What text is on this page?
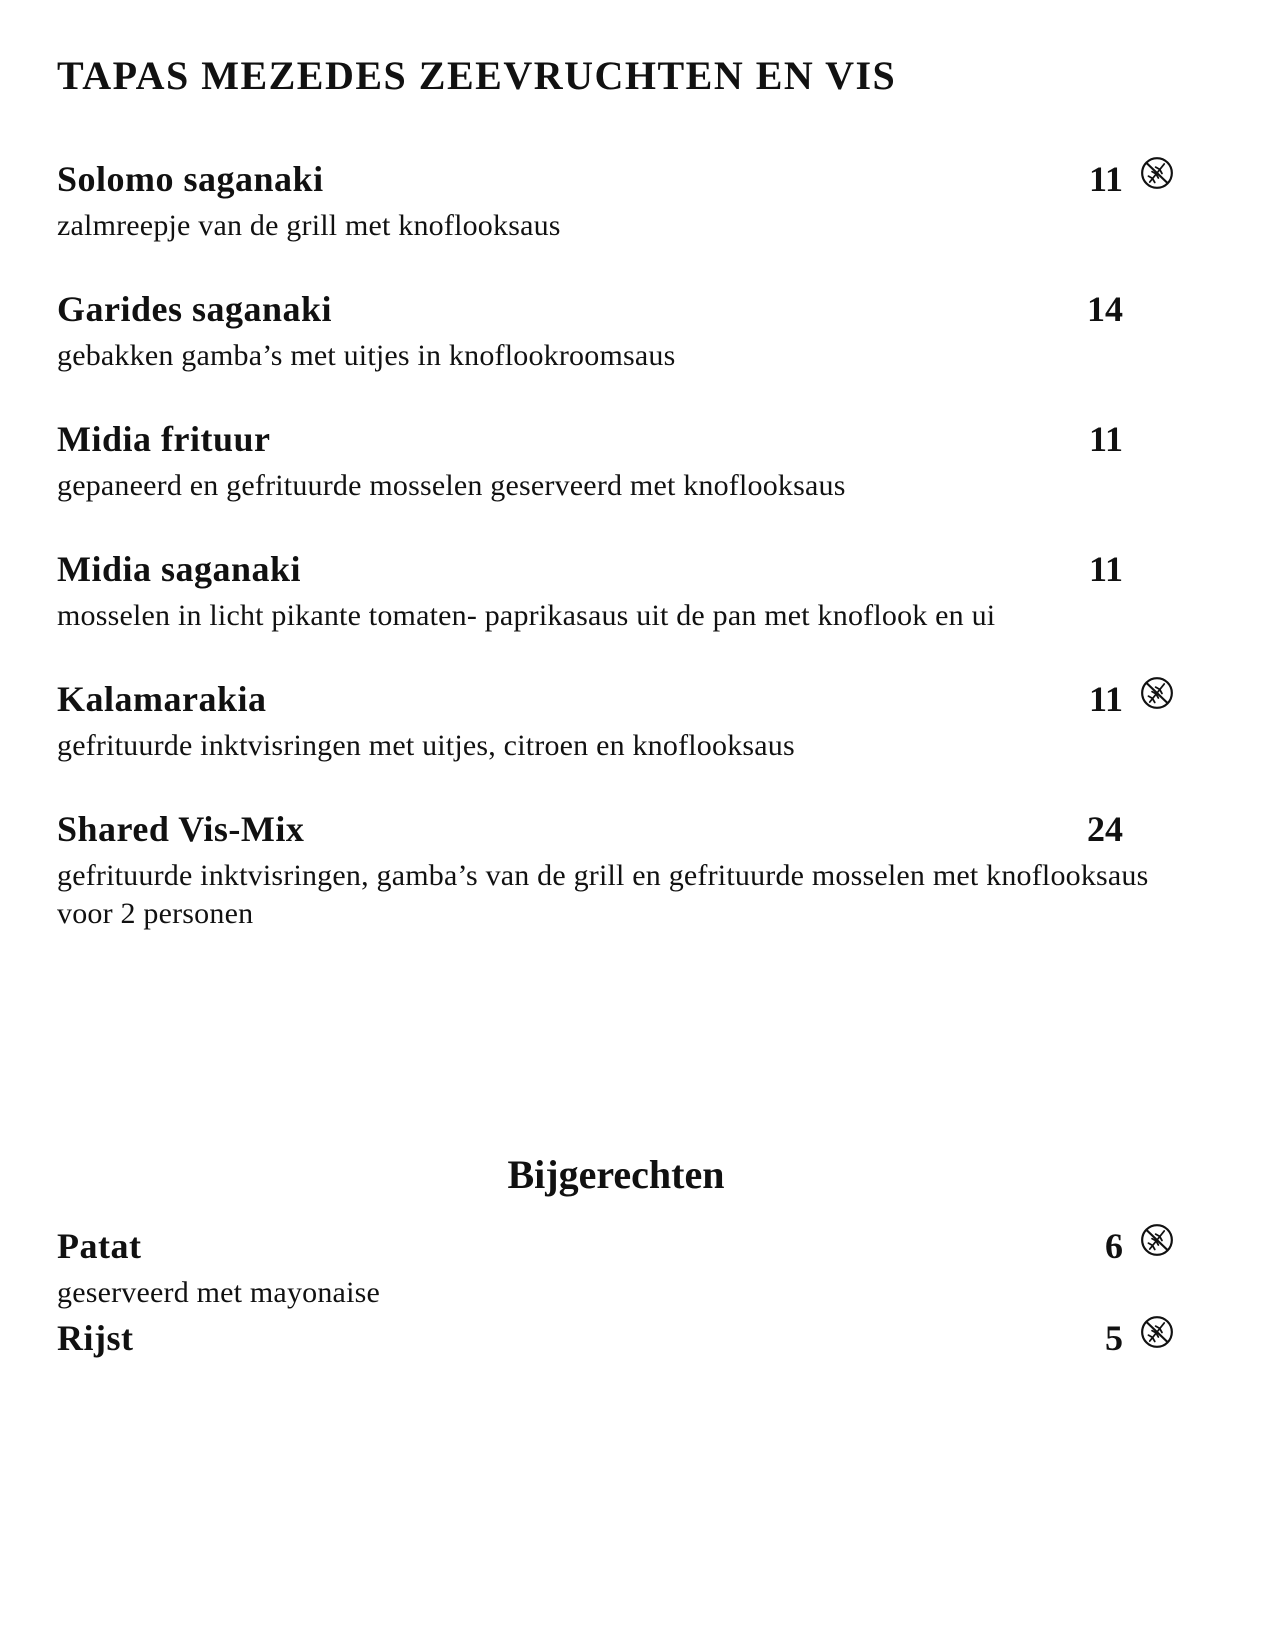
TAPAS MEZEDES ZEEVRUCHTEN EN VIS
Solomo saganaki	11
zalmreepje van de grill met knoflooksaus
Garides saganaki	14
gebakken gamba’s met uitjes in knoflookroomsaus
Midia frituur	11
gepaneerd en gefrituurde mosselen geserveerd met knoflooksaus
Midia saganaki	11
mosselen in licht pikante tomaten- paprikasaus uit de pan met knoflook en ui
Kalamarakia	11
gefrituurde inktvisringen met uitjes, citroen en knoflooksaus
Shared Vis-Mix	24
gefrituurde inktvisringen, gamba’s van de grill en gefrituurde mosselen met knoflooksaus voor 2 personen
Bijgerechten
Patat	6
geserveerd met mayonaise
Rijst	5
